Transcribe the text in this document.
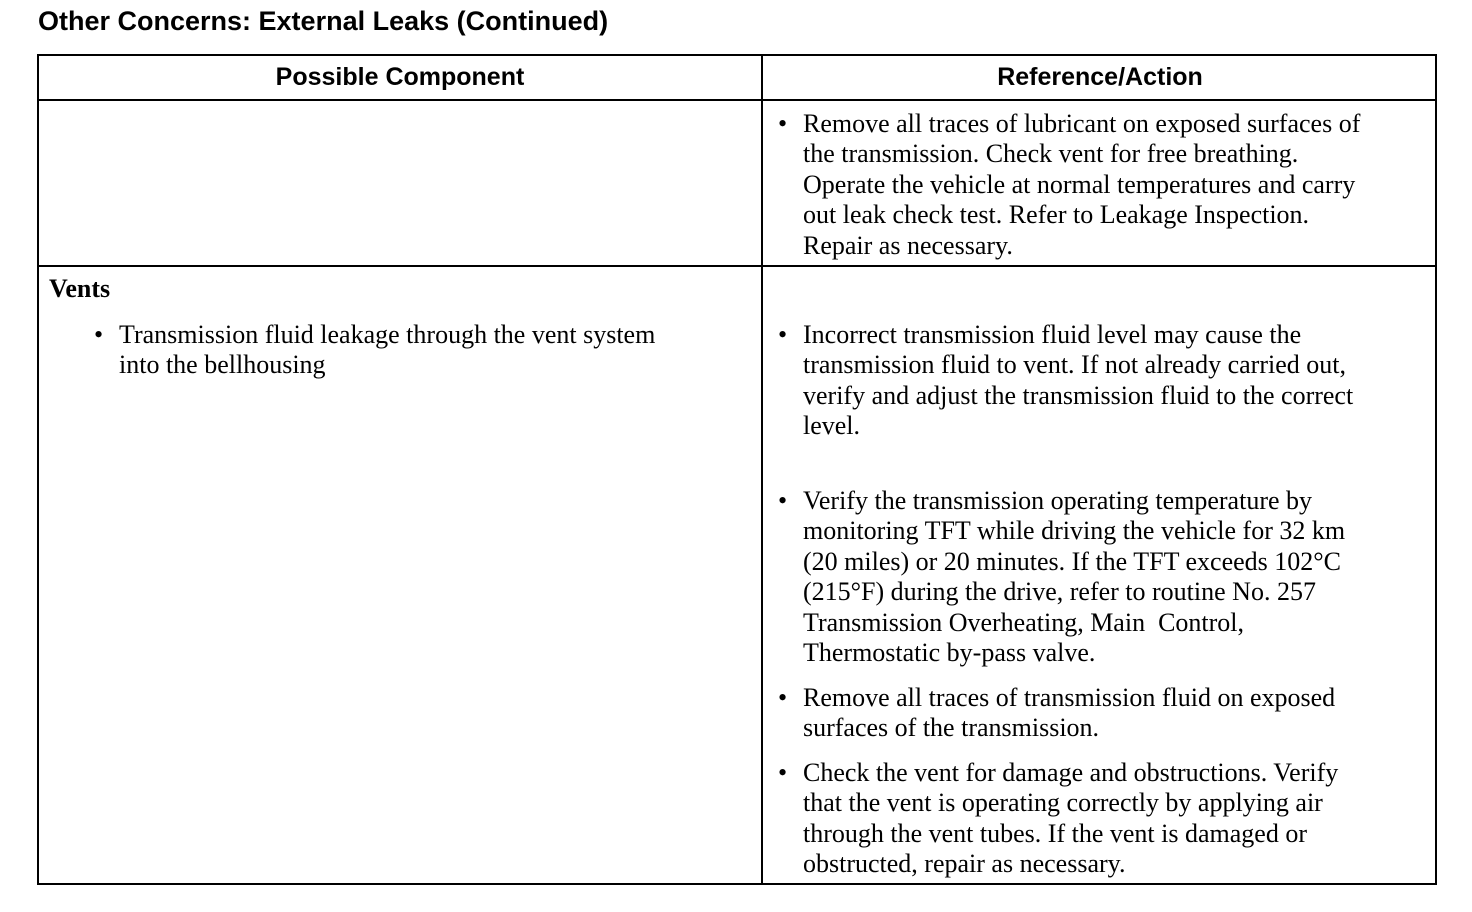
Other Concerns: External Leaks (Continued)
Possible Component	Reference/Action
• Remove all traces of lubricant on exposed surfaces of
the transmission. Check vent for free breathing.
Operate the vehicle at normal temperatures and carry
out leak check test. Refer to Leakage Inspection.
Repair as necessary.
Vents
• Transmission fluid leakage through the vent system
into the bellhousing
• Incorrect transmission fluid level may cause the
transmission fluid to vent. If not already carried out,
verify and adjust the transmission fluid to the correct
level.
• Verify the transmission operating temperature by
monitoring TFT while driving the vehicle for 32 km
(20 miles) or 20 minutes. If the TFT exceeds 102°C
(215°F) during the drive, refer to routine No. 257
Transmission Overheating, Main  Control,
Thermostatic by-pass valve.
• Remove all traces of transmission fluid on exposed
surfaces of the transmission.
• Check the vent for damage and obstructions. Verify
that the vent is operating correctly by applying air
through the vent tubes. If the vent is damaged or
obstructed, repair as necessary.
